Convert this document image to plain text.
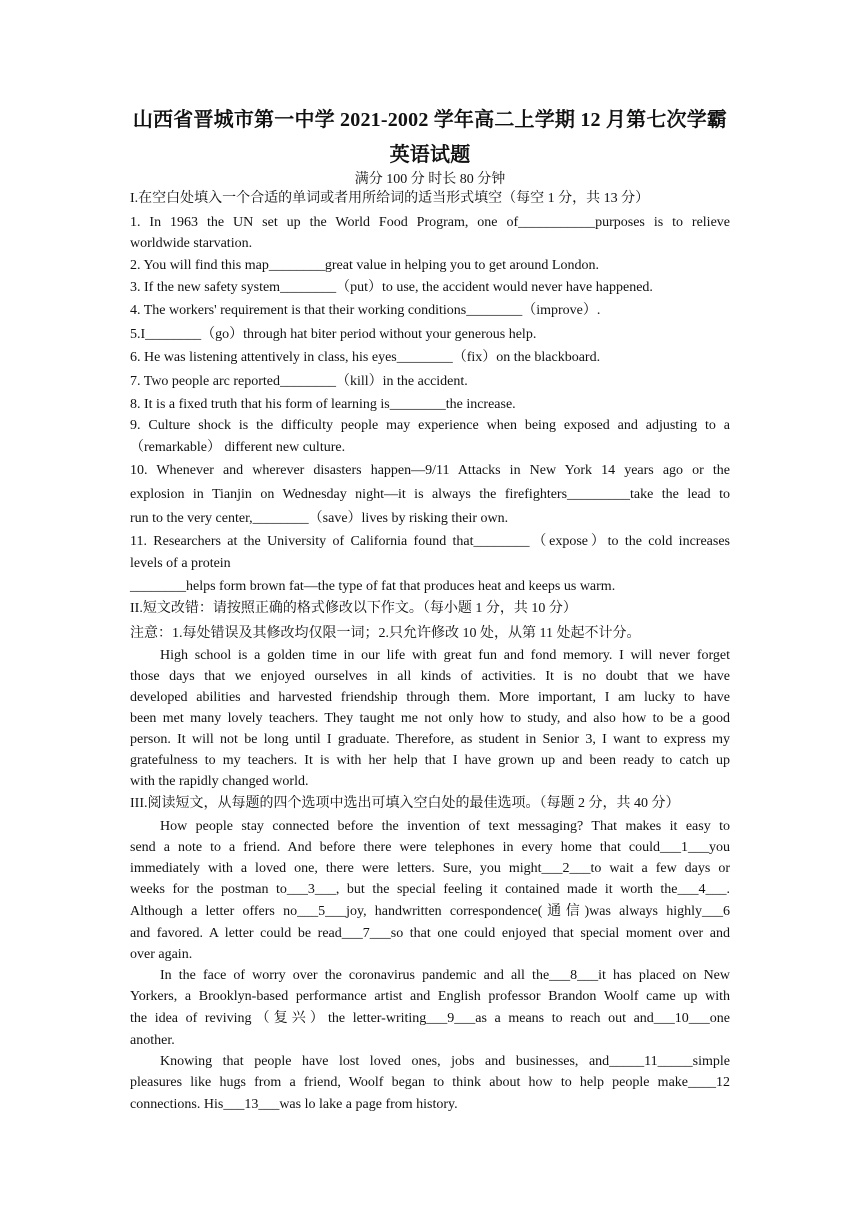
山西省晋城市第一中学 2021-2002 学年高二上学期 12 月第七次学霸
英语试题
满分 100 分 时长 80 分钟
I.在空白处填入一个合适的单词或者用所给词的适当形式填空（每空 1 分，共 13 分）
1. In 1963 the UN set up the World Food Program, one of___________purposes is to relieve
worldwide starvation.
2. You will find this map________great value in helping you to get around London.
3. If the new safety system________（put）to use, the accident would never have happened.
4. The workers' requirement is that their working conditions________（improve）.
5.I________（go）through hat biter period without your generous help.
6. He was listening attentively in class, his eyes________（fix）on the blackboard.
7. Two people arc reported________（kill）in the accident.
8. It is a fixed truth that his form of learning is________the increase.
9. Culture shock is the difficulty people may experience when being exposed and adjusting to a
（remarkable） different new culture.
10. Whenever and wherever disasters happen—9/11 Attacks in New York 14 years ago or the
explosion in Tianjin on Wednesday night—it is always the firefighters_________take the lead to
run to the very center,________（save）lives by risking their own.
11. Researchers at the University of California found that________（expose）to the cold increases
levels of a protein
________helps form brown fat—the type of fat that produces heat and keeps us warm.
II.短文改错：请按照正确的格式修改以下作文。（每小题 1 分，共 10 分）
注意：1.每处错误及其修改均仅限一词；2.只允许修改 10 处，从第 11 处起不计分。
High school is a golden time in our life with great fun and fond memory. I will never forget
those days that we enjoyed ourselves in all kinds of activities. It is no doubt that we have
developed abilities and harvested friendship through them. More important, I am lucky to have
been met many lovely teachers. They taught me not only how to study, and also how to be a good
person. It will not be long until I graduate. Therefore, as student in Senior 3, I want to express my
gratefulness to my teachers. It is with her help that I have grown up and been ready to catch up
with the rapidly changed world.
III.阅读短文，从每题的四个选项中选出可填入空白处的最佳选项。（每题 2 分，共 40 分）
How people stay connected before the invention of text messaging? That makes it easy to
send a note to a friend. And before there were telephones in every home that could___1___you
immediately with a loved one, there were letters. Sure, you might___2___to wait a few days or
weeks for the postman to___3___, but the special feeling it contained made it worth the___4___.
Although a letter offers no___5___joy, handwritten correspondence(通信)was always highly___6
and favored. A letter could be read___7___so that one could enjoyed that special moment over and
over again.
In the face of worry over the coronavirus pandemic and all the___8___it has placed on New
Yorkers, a Brooklyn-based performance artist and English professor Brandon Woolf came up with
the idea of reviving（复兴）the letter-writing___9___as a means to reach out and___10___one
another.
Knowing that people have lost loved ones, jobs and businesses, and_____11_____simple
pleasures like hugs from a friend, Woolf began to think about how to help people make____12
connections. His___13___was lo lake a page from history.
